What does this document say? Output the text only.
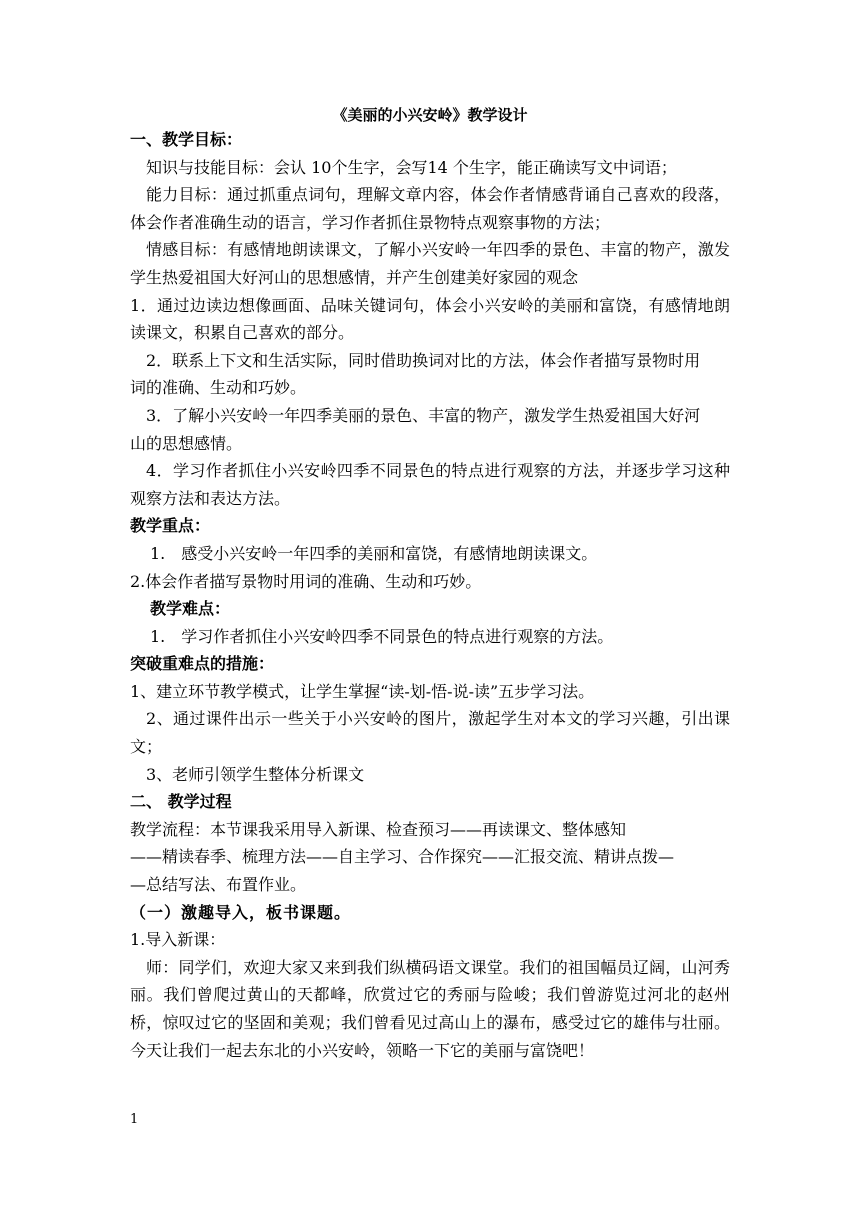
《美丽的小兴安岭》教学设计
一、教学目标：

知识与技能目标：会认 10个生字，会写14 个生字，能正确读写文中词语；

能力目标：通过抓重点词句，理解文章内容，体会作者情感背诵自己喜欢的段落，体会作者准确生动的语言，学习作者抓住景物特点观察事物的方法；

情感目标：有感情地朗读课文，了解小兴安岭一年四季的景色、丰富的物产，激发学生热爱祖国大好河山的思想感情，并产生创建美好家园的观念

1．通过边读边想像画面、品味关键词句，体会小兴安岭的美丽和富饶，有感情地朗读课文，积累自己喜欢的部分。

2．联系上下文和生活实际，同时借助换词对比的方法，体会作者描写景物时用

词的准确、生动和巧妙。

3．了解小兴安岭一年四季美丽的景色、丰富的物产，激发学生热爱祖国大好河

山的思想感情。

4．学习作者抓住小兴安岭四季不同景色的特点进行观察的方法，并逐步学习这种观察方法和表达方法。

教学重点：

1.　感受小兴安岭一年四季的美丽和富饶，有感情地朗读课文。

2.体会作者描写景物时用词的准确、生动和巧妙。

教学难点：

1.　学习作者抓住小兴安岭四季不同景色的特点进行观察的方法。

突破重难点的措施：

1、建立环节教学模式，让学生掌握“读-划-悟-说-读”五步学习法。

2、通过课件出示一些关于小兴安岭的图片，激起学生对本文的学习兴趣，引出课文；

3、老师引领学生整体分析课文

二、 教学过程

教学流程：本节课我采用导入新课、检查预习——再读课文、整体感知

——精读春季、梳理方法——自主学习、合作探究——汇报交流、精讲点拨—

—总结写法、布置作业。

（一）激趣导入，板书课题。

1.导入新课：

师：同学们，欢迎大家又来到我们纵横码语文课堂。我们的祖国幅员辽阔，山河秀丽。我们曾爬过黄山的天都峰，欣赏过它的秀丽与险峻；我们曾游览过河北的赵州桥，惊叹过它的坚固和美观；我们曾看见过高山上的瀑布，感受过它的雄伟与壮丽。今天让我们一起去东北的小兴安岭，领略一下它的美丽与富饶吧！

1
